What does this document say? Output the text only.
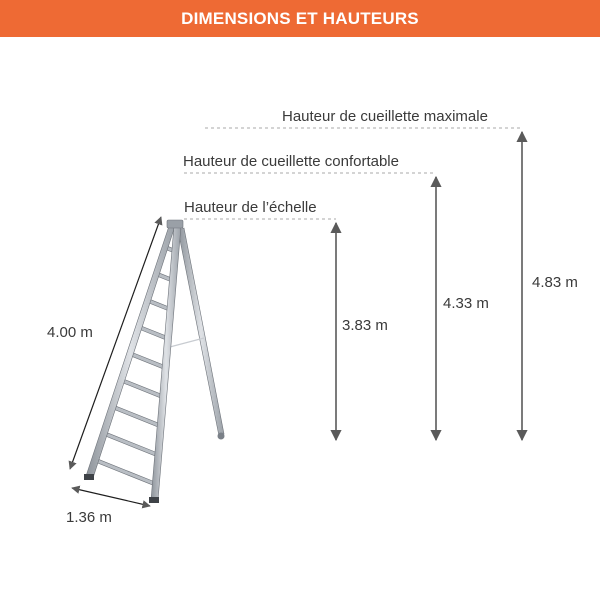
Hauteur de l’échelle
Hauteur de cueillette confortable
Hauteur de cueillette maximale
3.83 m
4.33 m
4.83 m
4.00 m
1.36 m
DIMENSIONS ET HAUTEURS
